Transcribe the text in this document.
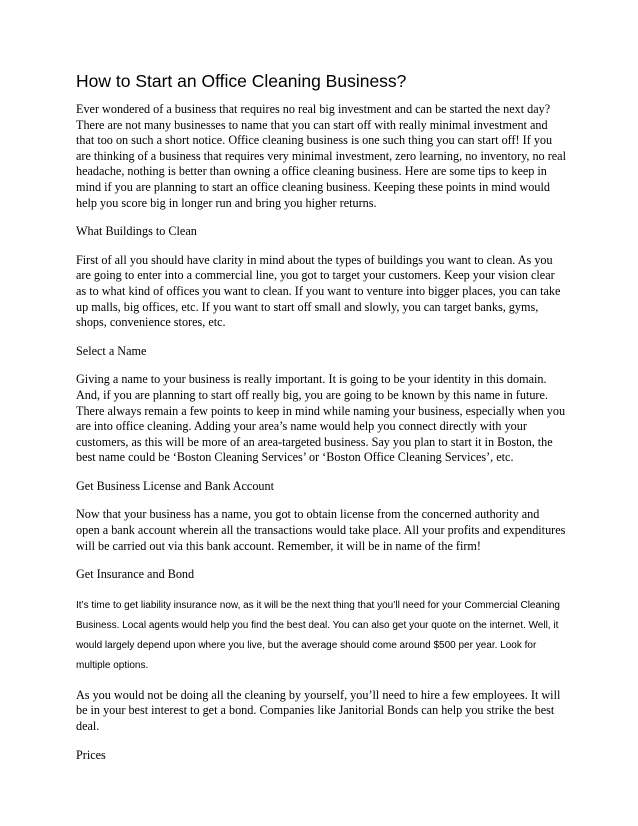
How to Start an Office Cleaning Business?

Ever wondered of a business that requires no real big investment and can be started the next day? There are not many businesses to name that you can start off with really minimal investment and that too on such a short notice. Office cleaning business is one such thing you can start off! If you are thinking of a business that requires very minimal investment, zero learning, no inventory, no real headache, nothing is better than owning a office cleaning business. Here are some tips to keep in mind if you are planning to start an office cleaning business. Keeping these points in mind would help you score big in longer run and bring you higher returns.

What Buildings to Clean

First of all you should have clarity in mind about the types of buildings you want to clean. As you are going to enter into a commercial line, you got to target your customers. Keep your vision clear as to what kind of offices you want to clean. If you want to venture into bigger places, you can take up malls, big offices, etc. If you want to start off small and slowly, you can target banks, gyms, shops, convenience stores, etc.

Select a Name

Giving a name to your business is really important. It is going to be your identity in this domain. And, if you are planning to start off really big, you are going to be known by this name in future. There always remain a few points to keep in mind while naming your business, especially when you are into office cleaning. Adding your area’s name would help you connect directly with your customers, as this will be more of an area-targeted business. Say you plan to start it in Boston, the best name could be ‘Boston Cleaning Services’ or ‘Boston Office Cleaning Services’, etc.

Get Business License and Bank Account

Now that your business has a name, you got to obtain license from the concerned authority and open a bank account wherein all the transactions would take place. All your profits and expenditures will be carried out via this bank account. Remember, it will be in name of the firm!

Get Insurance and Bond

It’s time to get liability insurance now, as it will be the next thing that you’ll need for your Commercial Cleaning Business. Local agents would help you find the best deal. You can also get your quote on the internet. Well, it would largely depend upon where you live, but the average should come around $500 per year. Look for multiple options.

As you would not be doing all the cleaning by yourself, you’ll need to hire a few employees. It will be in your best interest to get a bond. Companies like Janitorial Bonds can help you strike the best deal.

Prices
